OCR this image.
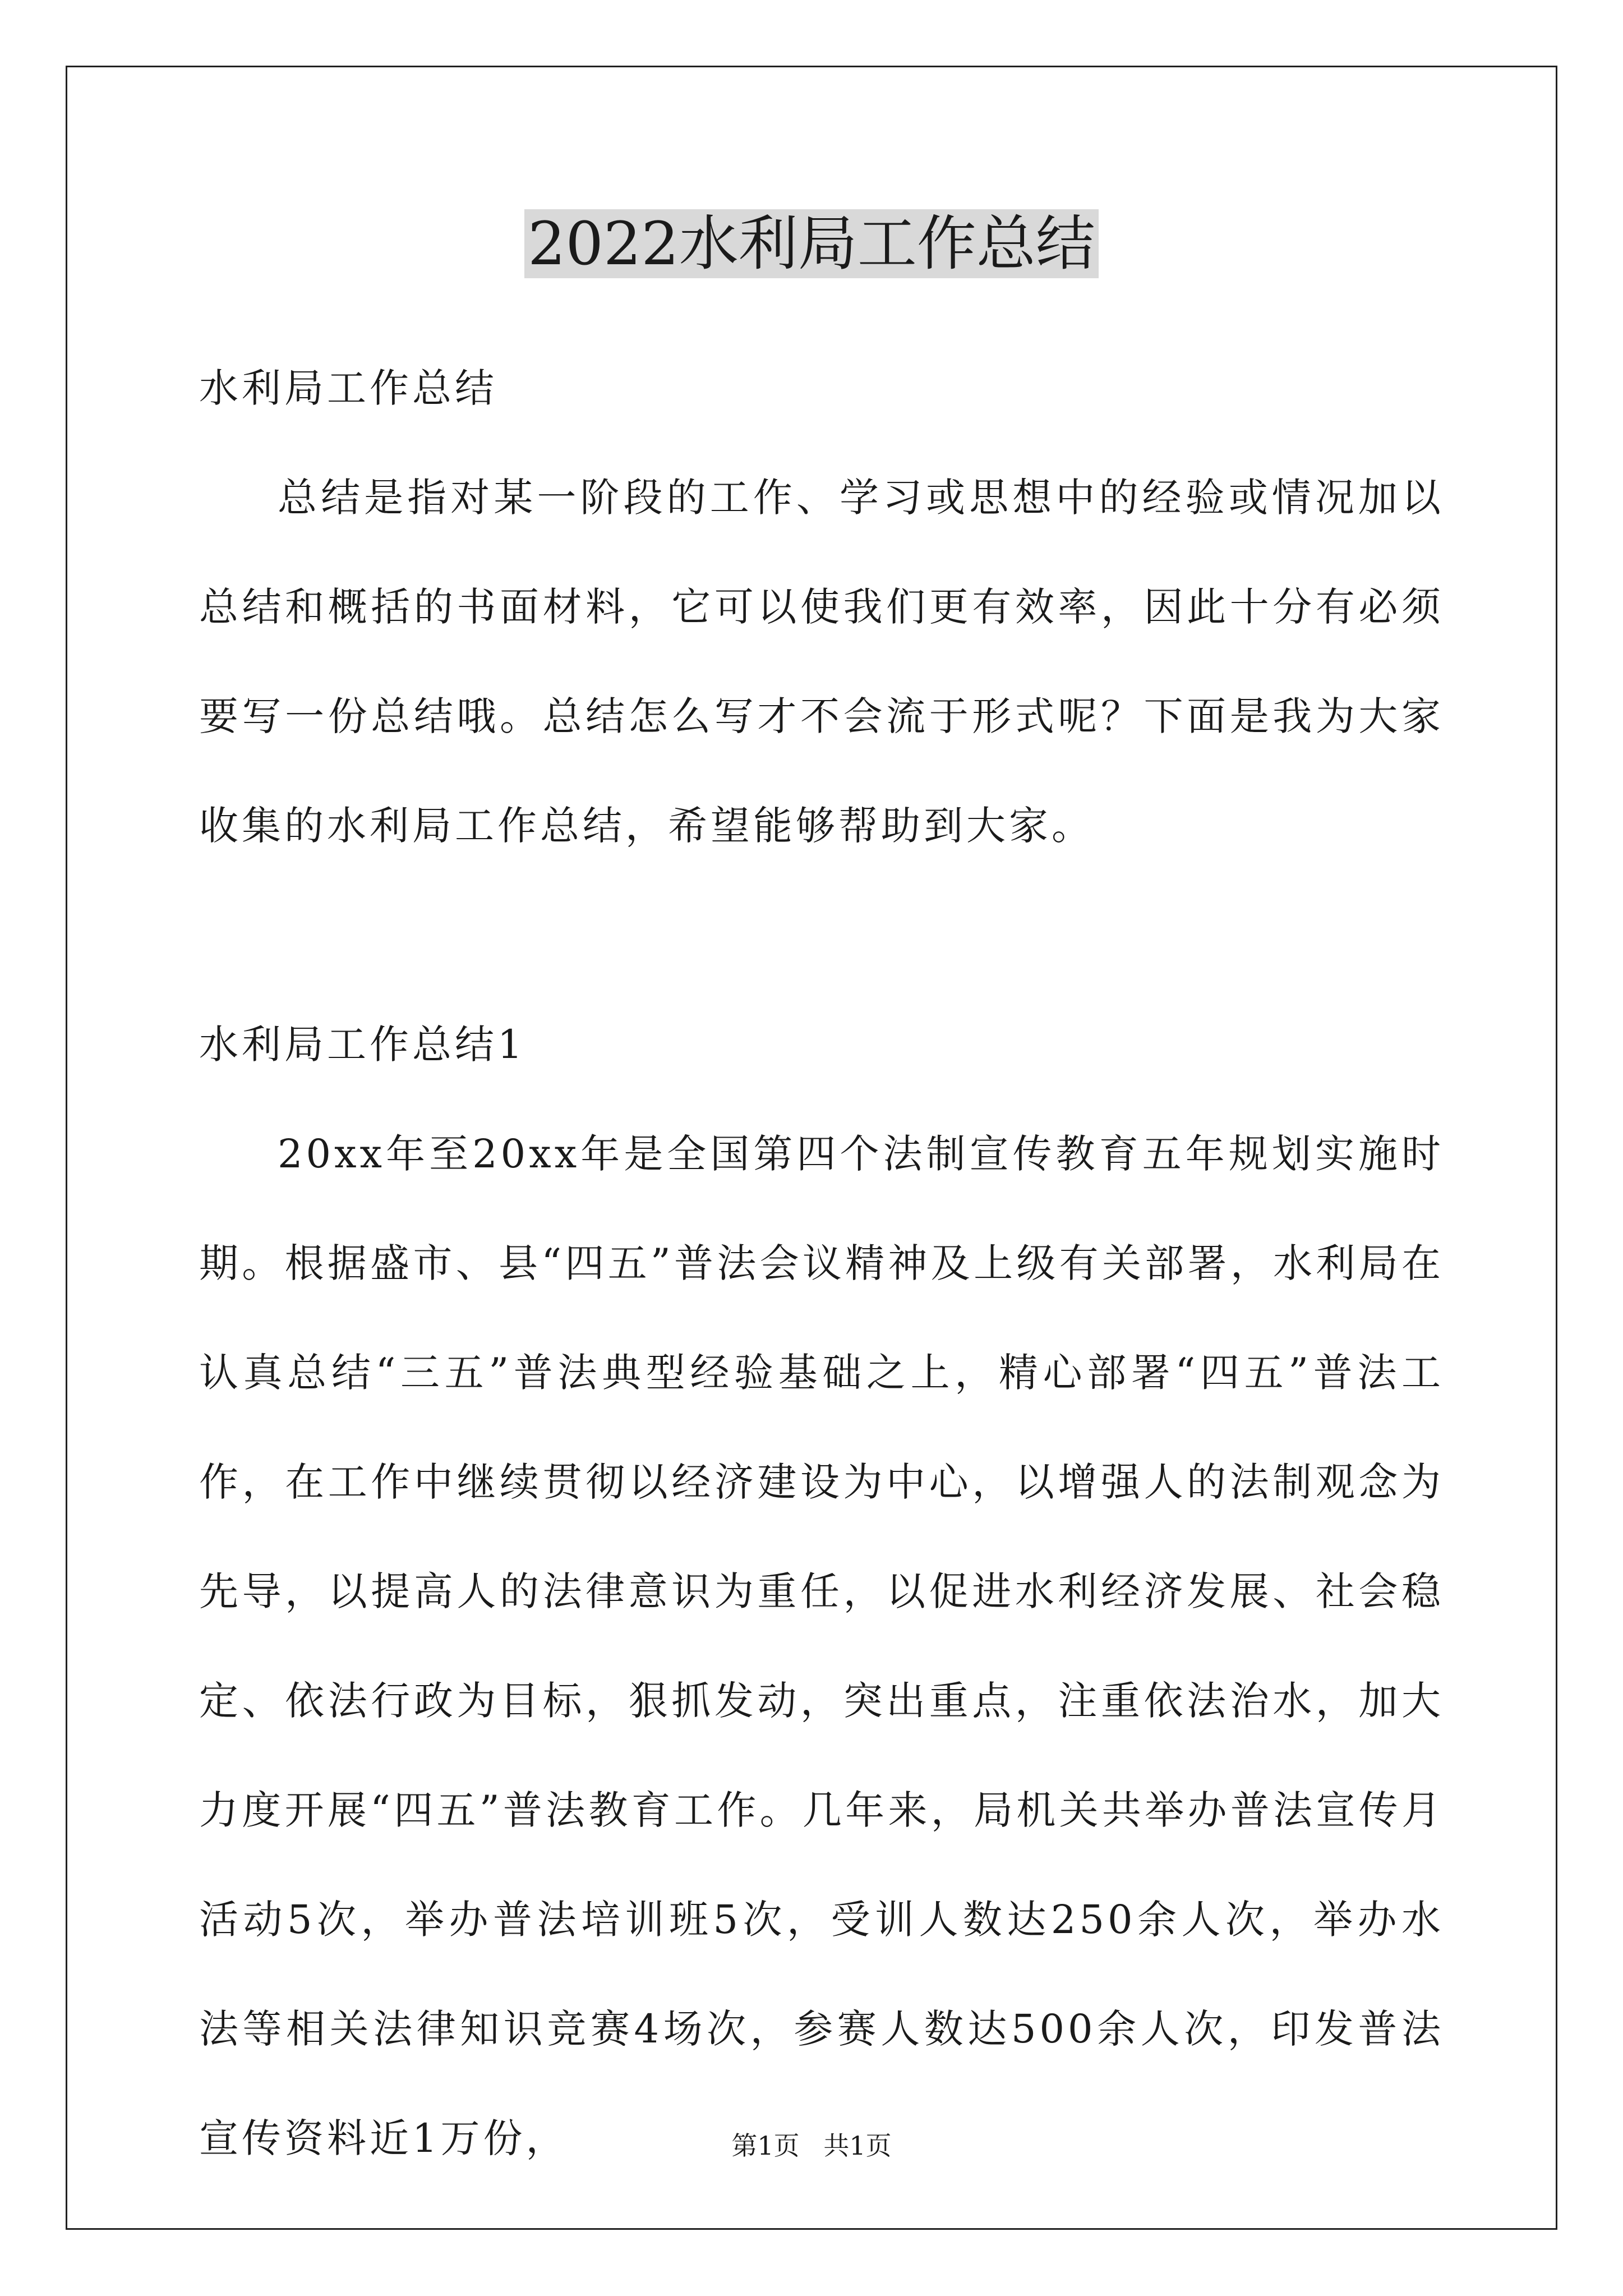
2022水利局工作总结

水利局工作总结

总结是指对某一阶段的工作、学习或思想中的经验或情况加以总结和概括的书面材料，它可以使我们更有效率，因此十分有必须要写一份总结哦。总结怎么写才不会流于形式呢？下面是我为大家收集的水利局工作总结，希望能够帮助到大家。

水利局工作总结1

20xx年至20xx年是全国第四个法制宣传教育五年规划实施时期。根据盛市、县“四五”普法会议精神及上级有关部署，水利局在认真总结“三五”普法典型经验基础之上，精心部署“四五”普法工作，在工作中继续贯彻以经济建设为中心，以增强人的法制观念为先导，以提高人的法律意识为重任，以促进水利经济发展、社会稳定、依法行政为目标，狠抓发动，突出重点，注重依法治水，加大力度开展“四五”普法教育工作。几年来，局机关共举办普法宣传月活动5次，举办普法培训班5次，受训人数达250余人次，举办水法等相关法律知识竞赛4场次，参赛人数达500余人次，印发普法宣传资料近1万份，	第1页 共1页
